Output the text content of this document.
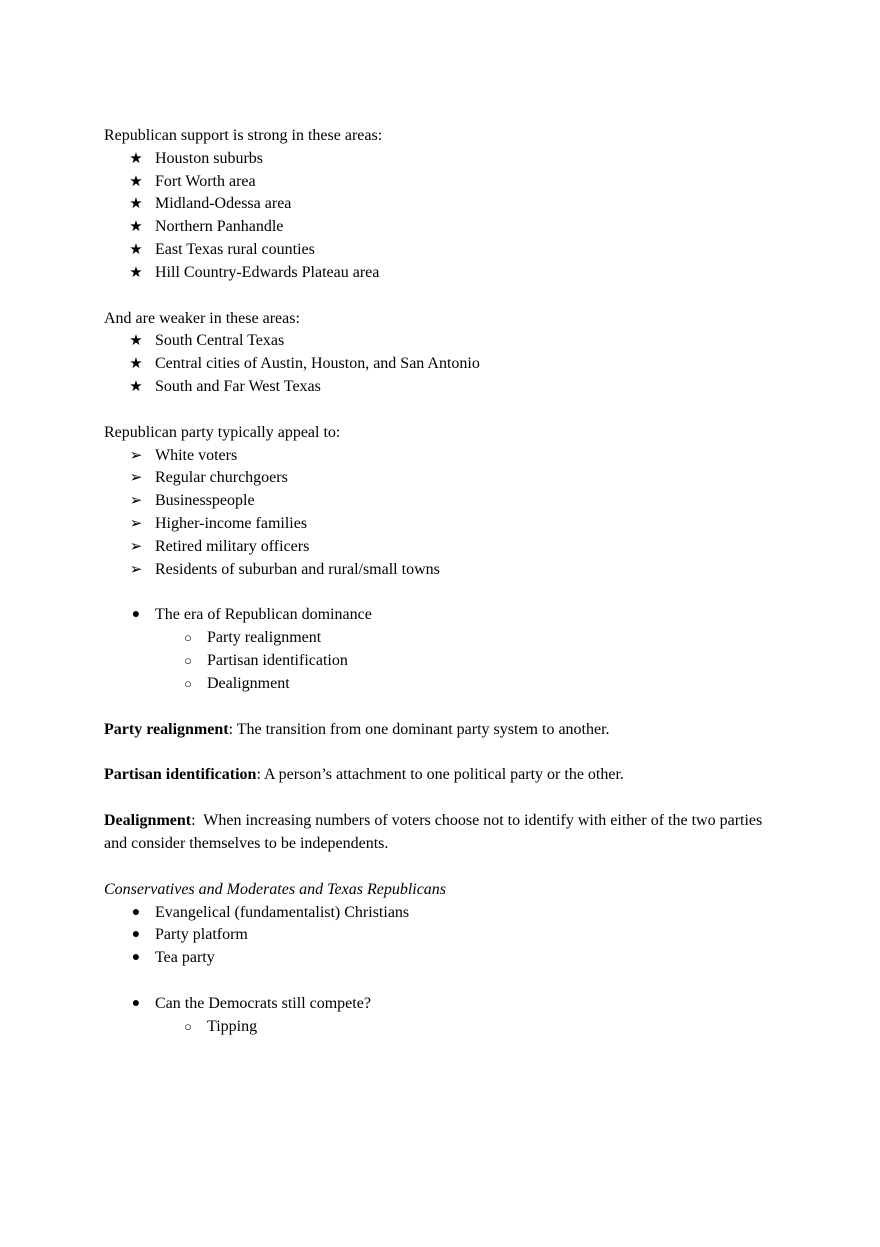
Republican support is strong in these areas:

★ Houston suburbs
★ Fort Worth area
★ Midland-Odessa area
★ Northern Panhandle
★ East Texas rural counties
★ Hill Country-Edwards Plateau area

And are weaker in these areas:

★ South Central Texas
★ Central cities of Austin, Houston, and San Antonio
★ South and Far West Texas

Republican party typically appeal to:

➢ White voters
➢ Regular churchgoers
➢ Businesspeople
➢ Higher-income families
➢ Retired military officers
➢ Residents of suburban and rural/small towns
● The era of Republican dominance
○ Party realignment
○ Partisan identification
○ Dealignment

Party realignment: The transition from one dominant party system to another.

Partisan identification: A person’s attachment to one political party or the other.

Dealignment:  When increasing numbers of voters choose not to identify with either of the two parties and consider themselves to be independents.

Conservatives and Moderates and Texas Republicans

● Evangelical (fundamentalist) Christians
● Party platform
● Tea party
● Can the Democrats still compete?
○ Tipping
